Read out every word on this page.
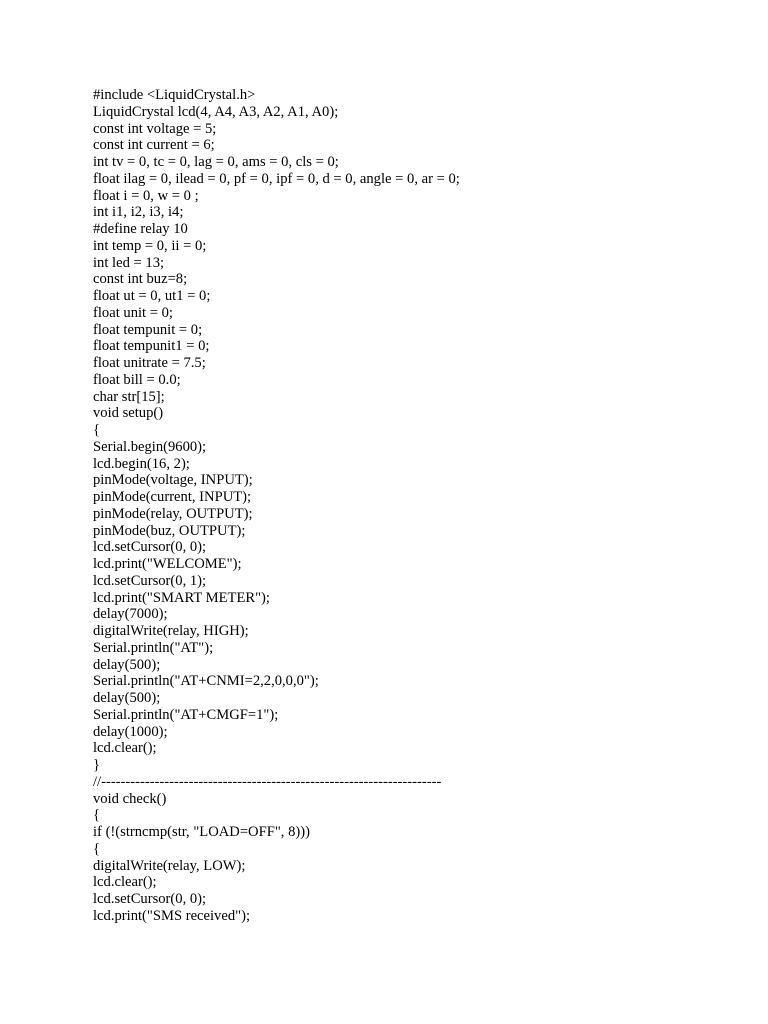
#include <LiquidCrystal.h>
LiquidCrystal lcd(4, A4, A3, A2, A1, A0);
const int voltage = 5;
const int current = 6;
int tv = 0, tc = 0, lag = 0, ams = 0, cls = 0;
float ilag = 0, ilead = 0, pf = 0, ipf = 0, d = 0, angle = 0, ar = 0;
float i = 0, w = 0 ;
int i1, i2, i3, i4;
#define relay 10
int temp = 0, ii = 0;
int led = 13;
const int buz=8;
float ut = 0, ut1 = 0;
float unit = 0;
float tempunit = 0;
float tempunit1 = 0;
float unitrate = 7.5;
float bill = 0.0;
char str[15];
void setup()
{
Serial.begin(9600);
lcd.begin(16, 2);
pinMode(voltage, INPUT);
pinMode(current, INPUT);
pinMode(relay, OUTPUT);
pinMode(buz, OUTPUT);
lcd.setCursor(0, 0);
lcd.print("WELCOME");
lcd.setCursor(0, 1);
lcd.print("SMART METER");
delay(7000);
digitalWrite(relay, HIGH);
Serial.println("AT");
delay(500);
Serial.println("AT+CNMI=2,2,0,0,0");
delay(500);
Serial.println("AT+CMGF=1");
delay(1000);
lcd.clear();
}
//----------------------------------------------------------------------
void check()
{
if (!(strncmp(str, "LOAD=OFF", 8)))
{
digitalWrite(relay, LOW);
lcd.clear();
lcd.setCursor(0, 0);
lcd.print("SMS received");
